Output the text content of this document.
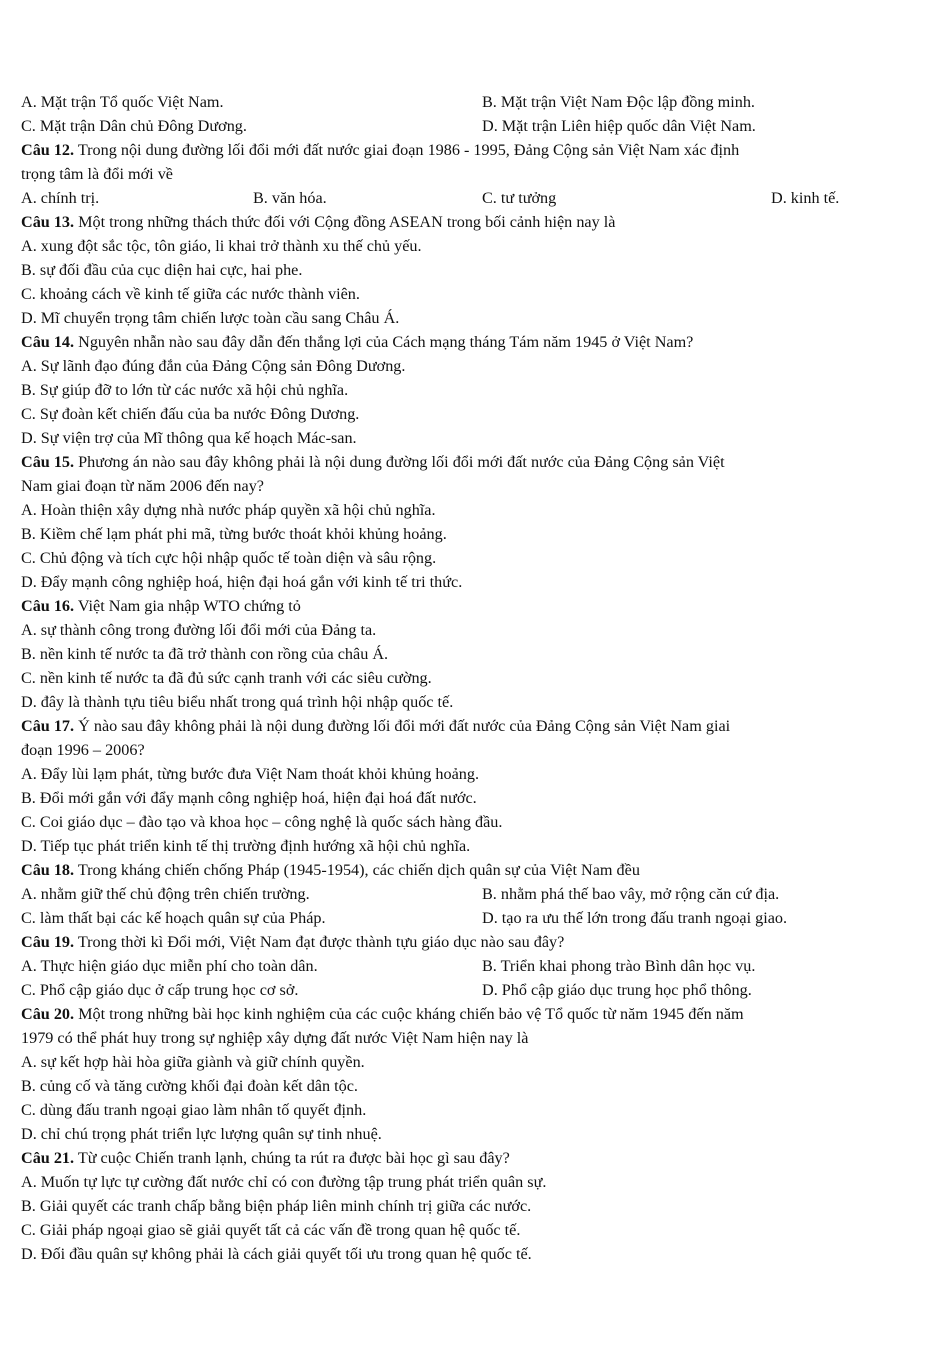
A. Mặt trận Tổ quốc Việt Nam.	B. Mặt trận Việt Nam Độc lập đồng minh.
C. Mặt trận Dân chủ Đông Dương.	D. Mặt trận Liên hiệp quốc dân Việt Nam.
Câu 12. Trong nội dung đường lối đổi mới đất nước giai đoạn 1986 - 1995, Đảng Cộng sản Việt Nam xác định
trọng tâm là đổi mới về
A. chính trị.	B. văn hóa.	C. tư tưởng	D. kinh tế.
Câu 13. Một trong những thách thức đối với Cộng đồng ASEAN trong bối cảnh hiện nay là
A. xung đột sắc tộc, tôn giáo, li khai trở thành xu thế chủ yếu.
B. sự đối đầu của cục diện hai cực, hai phe.
C. khoảng cách về kinh tế giữa các nước thành viên.
D. Mĩ chuyển trọng tâm chiến lược toàn cầu sang Châu Á.
Câu 14. Nguyên nhẫn nào sau đây dẫn đến thắng lợi của Cách mạng tháng Tám năm 1945 ở Việt Nam?
A. Sự lãnh đạo đúng đắn của Đảng Cộng sản Đông Dương.
B. Sự giúp đỡ to lớn từ các nước xã hội chủ nghĩa.
C. Sự đoàn kết chiến đấu của ba nước Đông Dương.
D. Sự viện trợ của Mĩ thông qua kế hoạch Mác-san.
Câu 15. Phương án nào sau đây không phải là nội dung đường lối đổi mới đất nước của Đảng Cộng sản Việt
Nam giai đoạn từ năm 2006 đến nay?
A. Hoàn thiện xây dựng nhà nước pháp quyền xã hội chủ nghĩa.
B. Kiềm chế lạm phát phi mã, từng bước thoát khỏi khủng hoảng.
C. Chủ động và tích cực hội nhập quốc tế toàn diện và sâu rộng.
D. Đẩy mạnh công nghiệp hoá, hiện đại hoá gắn với kinh tế tri thức.
Câu 16. Việt Nam gia nhập WTO chứng tỏ
A. sự thành công trong đường lối đổi mới của Đảng ta.
B. nền kinh tế nước ta đã trở thành con rồng của châu Á.
C. nền kinh tế nước ta đã đủ sức cạnh tranh với các siêu cường.
D. đây là thành tựu tiêu biểu nhất trong quá trình hội nhập quốc tế.
Câu 17. Ý nào sau đây không phải là nội dung đường lối đổi mới đất nước của Đảng Cộng sản Việt Nam giai
đoạn 1996 – 2006?
A. Đẩy lùi lạm phát, từng bước đưa Việt Nam thoát khỏi khủng hoảng.
B. Đổi mới gắn với đẩy mạnh công nghiệp hoá, hiện đại hoá đất nước.
C. Coi giáo dục – đào tạo và khoa học – công nghệ là quốc sách hàng đầu.
D. Tiếp tục phát triển kinh tế thị trường định hướng xã hội chủ nghĩa.
Câu 18. Trong kháng chiến chống Pháp (1945-1954), các chiến dịch quân sự của Việt Nam đều
A. nhằm giữ thế chủ động trên chiến trường.	B. nhằm phá thế bao vây, mở rộng căn cứ địa.
C. làm thất bại các kế hoạch quân sự của Pháp.	D. tạo ra ưu thế lớn trong đấu tranh ngoại giao.
Câu 19. Trong thời kì Đổi mới, Việt Nam đạt được thành tựu giáo dục nào sau đây?
A. Thực hiện giáo dục miễn phí cho toàn dân.	B. Triển khai phong trào Bình dân học vụ.
C. Phổ cập giáo dục ở cấp trung học cơ sở.	D. Phổ cập giáo dục trung học phổ thông.
Câu 20. Một trong những bài học kinh nghiệm của các cuộc kháng chiến bảo vệ Tổ quốc từ năm 1945 đến năm
1979 có thể phát huy trong sự nghiệp xây dựng đất nước Việt Nam hiện nay là
A. sự kết hợp hài hòa giữa giành và giữ chính quyền.
B. củng cố và tăng cường khối đại đoàn kết dân tộc.
C. dùng đấu tranh ngoại giao làm nhân tố quyết định.
D. chỉ chú trọng phát triển lực lượng quân sự tinh nhuệ.
Câu 21. Từ cuộc Chiến tranh lạnh, chúng ta rút ra được bài học gì sau đây?
A. Muốn tự lực tự cường đất nước chỉ có con đường tập trung phát triển quân sự.
B. Giải quyết các tranh chấp bằng biện pháp liên minh chính trị giữa các nước.
C. Giải pháp ngoại giao sẽ giải quyết tất cả các vấn đề trong quan hệ quốc tế.
D. Đối đầu quân sự không phải là cách giải quyết tối ưu trong quan hệ quốc tế.
